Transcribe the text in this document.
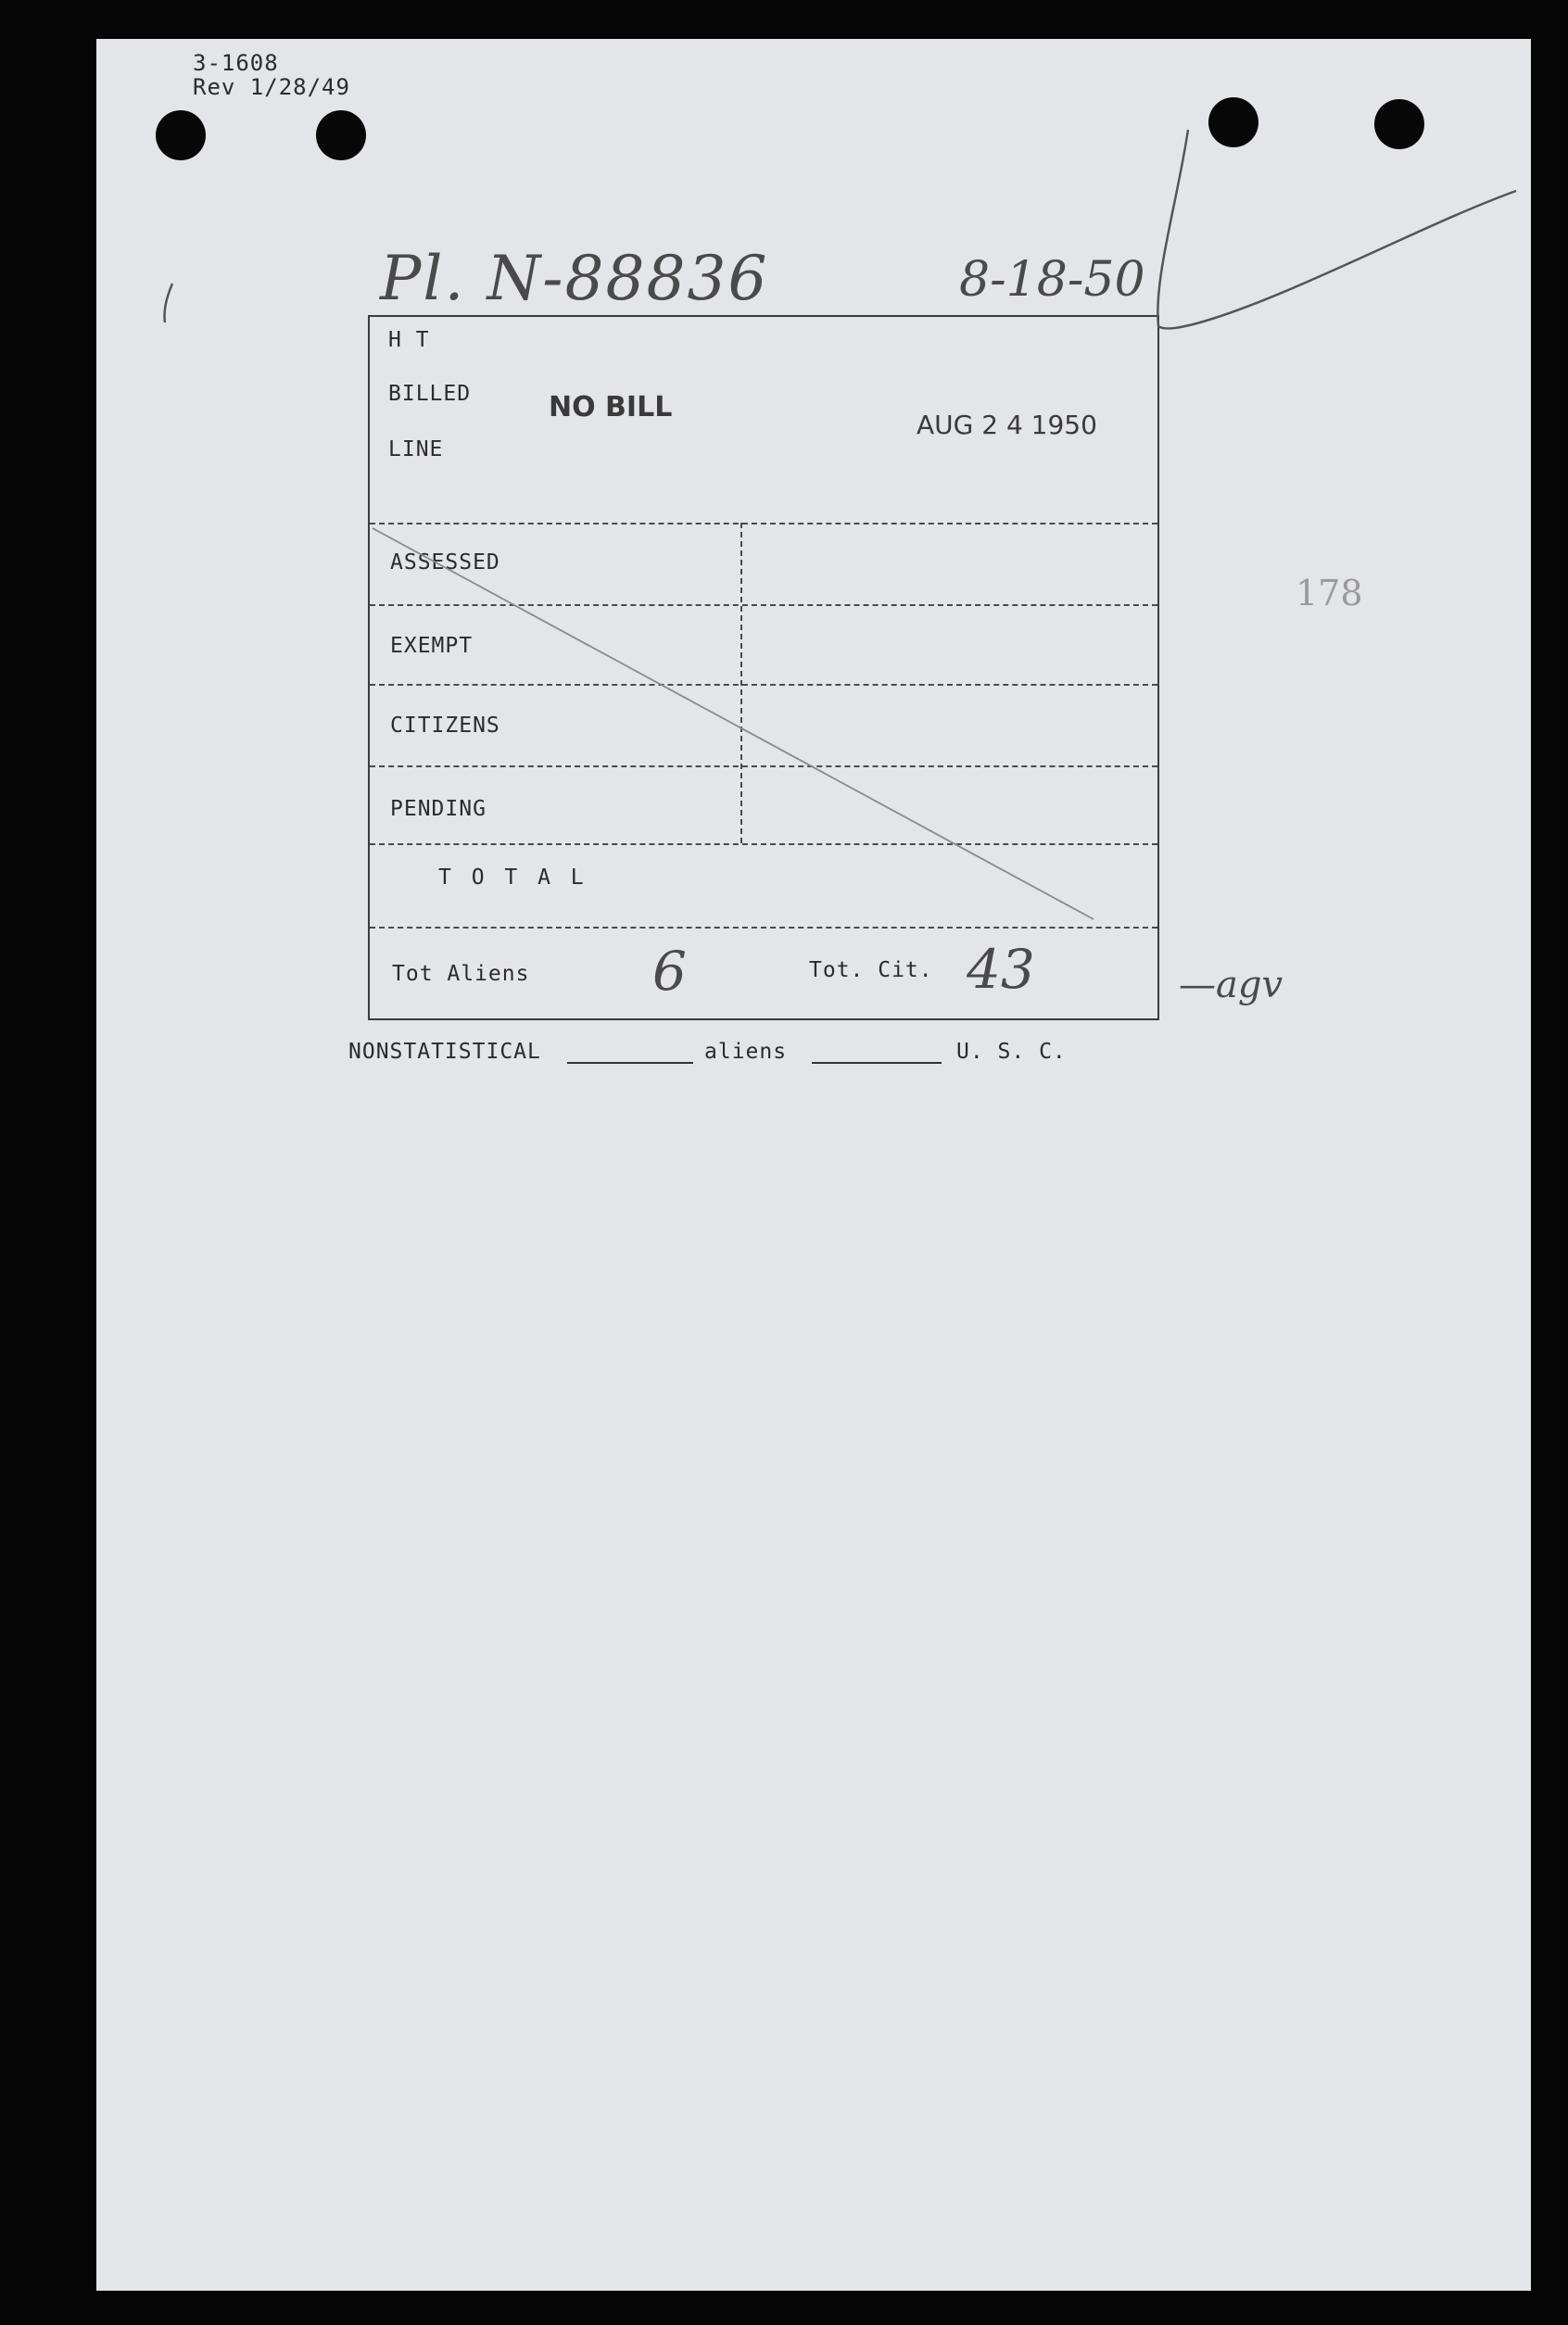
3-1608
Rev 1/28/49
Pl. N-88836	8-18-50
178
H T
BILLED
LINE
NO BILL
AUG 2 4 1950
ASSESSED
EXEMPT
CITIZENS
PENDING
T O T A L
Tot Aliens 6	Tot. Cit. 43	—agv
NONSTATISTICAL	aliens	U. S. C.
